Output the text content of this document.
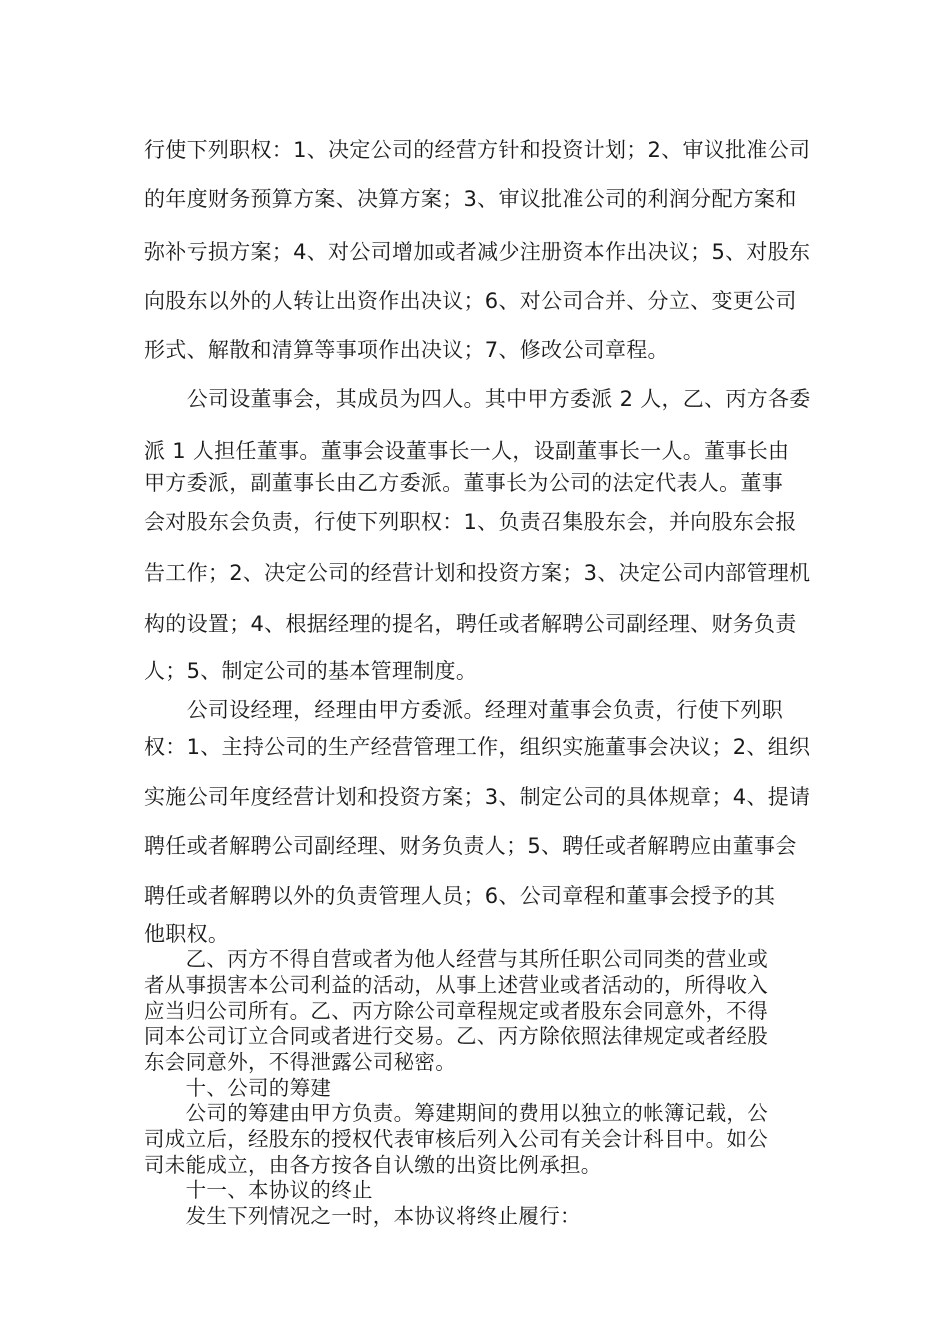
行使下列职权：1、决定公司的经营方针和投资计划；2、审议批准公司
的年度财务预算方案、决算方案；3、审议批准公司的利润分配方案和
弥补亏损方案；4、对公司增加或者减少注册资本作出决议；5、对股东
向股东以外的人转让出资作出决议；6、对公司合并、分立、变更公司
形式、解散和清算等事项作出决议；7、修改公司章程。
　　公司设董事会，其成员为四人。其中甲方委派 2 人，乙、丙方各委
派 1 人担任董事。董事会设董事长一人，设副董事长一人。董事长由
甲方委派，副董事长由乙方委派。董事长为公司的法定代表人。董事
会对股东会负责，行使下列职权：1、负责召集股东会，并向股东会报
告工作；2、决定公司的经营计划和投资方案；3、决定公司内部管理机
构的设置；4、根据经理的提名，聘任或者解聘公司副经理、财务负责
人；5、制定公司的基本管理制度。
　　公司设经理，经理由甲方委派。经理对董事会负责，行使下列职
权：1、主持公司的生产经营管理工作，组织实施董事会决议；2、组织
实施公司年度经营计划和投资方案；3、制定公司的具体规章；4、提请
聘任或者解聘公司副经理、财务负责人；5、聘任或者解聘应由董事会
聘任或者解聘以外的负责管理人员；6、公司章程和董事会授予的其
他职权。
　　乙、丙方不得自营或者为他人经营与其所任职公司同类的营业或
者从事损害本公司利益的活动，从事上述营业或者活动的，所得收入
应当归公司所有。乙、丙方除公司章程规定或者股东会同意外，不得
同本公司订立合同或者进行交易。乙、丙方除依照法律规定或者经股
东会同意外，不得泄露公司秘密。
　　十、公司的筹建
　　公司的筹建由甲方负责。筹建期间的费用以独立的帐簿记载，公
司成立后，经股东的授权代表审核后列入公司有关会计科目中。如公
司未能成立，由各方按各自认缴的出资比例承担。
　　十一、本协议的终止
　　发生下列情况之一时，本协议将终止履行：
